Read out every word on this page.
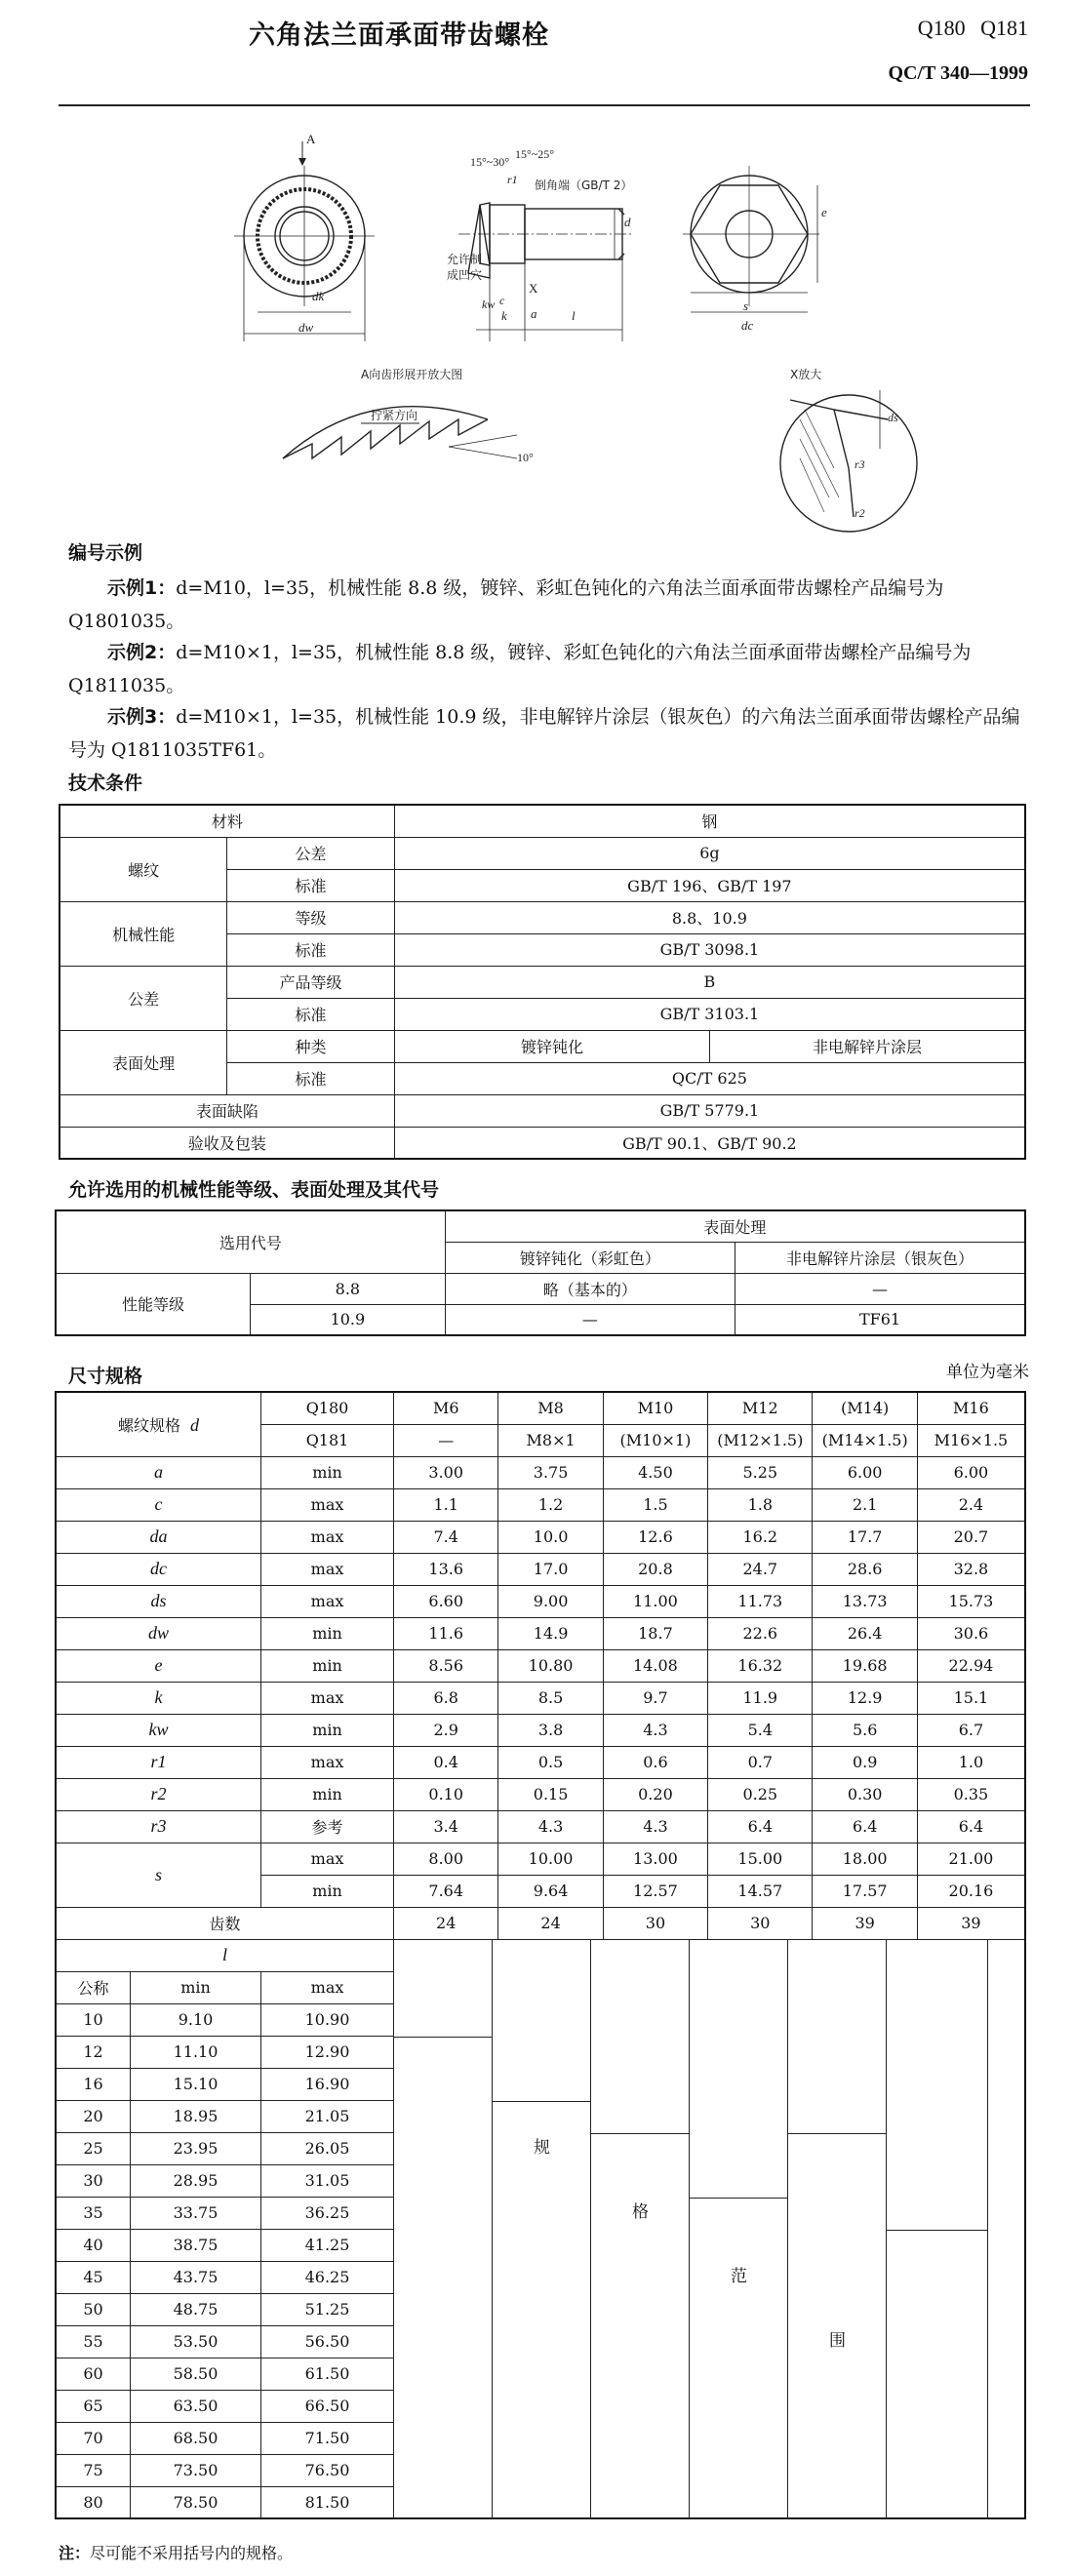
六角法兰面承面带齿螺栓	Q180 Q181
QC/T 340—1999
dk
dw
A
15°~30°
15°~25°
倒角端（GB/T 2）
允许制
成凹穴
X
k
kw c
a	l
d
e
s
dc
A向齿形展开放大图
拧紧方向
10°
X放大
ds
r3
r2
r1
编号示例
示例1：d=M10，l=35，机械性能 8.8 级，镀锌、彩虹色钝化的六角法兰面承面带齿螺栓产品编号为 Q1801035。
示例2：d=M10×1，l=35，机械性能 8.8 级，镀锌、彩虹色钝化的六角法兰面承面带齿螺栓产品编号为 Q1811035。
示例3：d=M10×1，l=35，机械性能 10.9 级，非电解锌片涂层（银灰色）的六角法兰面承面带齿螺栓产品编号为 Q1811035TF61。
技术条件
材料		钢	
螺纹	公差	6g	
	标准	GB/T 196、GB/T 197	
机械性能	等级	8.8、10.9	
	标准	GB/T 3098.1	
公差	产品等级	B	
	标准	GB/T 3103.1	
表面处理	种类	镀锌钝化	非电解锌片涂层
	标准	QC/T 625	
表面缺陷		GB/T 5779.1	
验收及包装		GB/T 90.1、GB/T 90.2	
允许选用的机械性能等级、表面处理及其代号
选用代号		表面处理	
		镀锌钝化（彩虹色）	非电解锌片涂层（银灰色）
性能等级	8.8	略（基本的）	—
	10.9	—	TF61
尺寸规格	单位为毫米
螺纹规格 d		Q180	M6	M8	M10	M12	(M14)	M16
		Q181	—	M8×1	(M10×1)	(M12×1.5)	(M14×1.5)	M16×1.5
a		min	3.00	3.75	4.50	5.25	6.00	6.00
c		max	1.1	1.2	1.5	1.8	2.1	2.4
da		max	7.4	10.0	12.6	16.2	17.7	20.7
dc		max	13.6	17.0	20.8	24.7	28.6	32.8
ds		max	6.60	9.00	11.00	11.73	13.73	15.73
dw		min	11.6	14.9	18.7	22.6	26.4	30.6
e		min	8.56	10.80	14.08	16.32	19.68	22.94
k		max	6.8	8.5	9.7	11.9	12.9	15.1
kw		min	2.9	3.8	4.3	5.4	5.6	6.7
r1		max	0.4	0.5	0.6	0.7	0.9	1.0
r2		min	0.10	0.15	0.20	0.25	0.30	0.35
r3		参考	3.4	4.3	4.3	6.4	6.4	6.4
s		max	8.00	10.00	13.00	15.00	18.00	21.00
		min	7.64	9.64	12.57	14.57	17.57	20.16
齿数			24	24	30	30	39	39
l			规
格
范
围					

公称	min	max						
10	9.10	10.90						
12	11.10	12.90						
16	15.10	16.90						
20	18.95	21.05						
25	23.95	26.05						
30	28.95	31.05						
35	33.75	36.25						
40	38.75	41.25						
45	43.75	46.25						
50	48.75	51.25						
55	53.50	56.50						
60	58.50	61.50						
65	63.50	66.50						
70	68.50	71.50						
75	73.50	76.50						
80	78.50	81.50						
注：尽可能不采用括号内的规格。
